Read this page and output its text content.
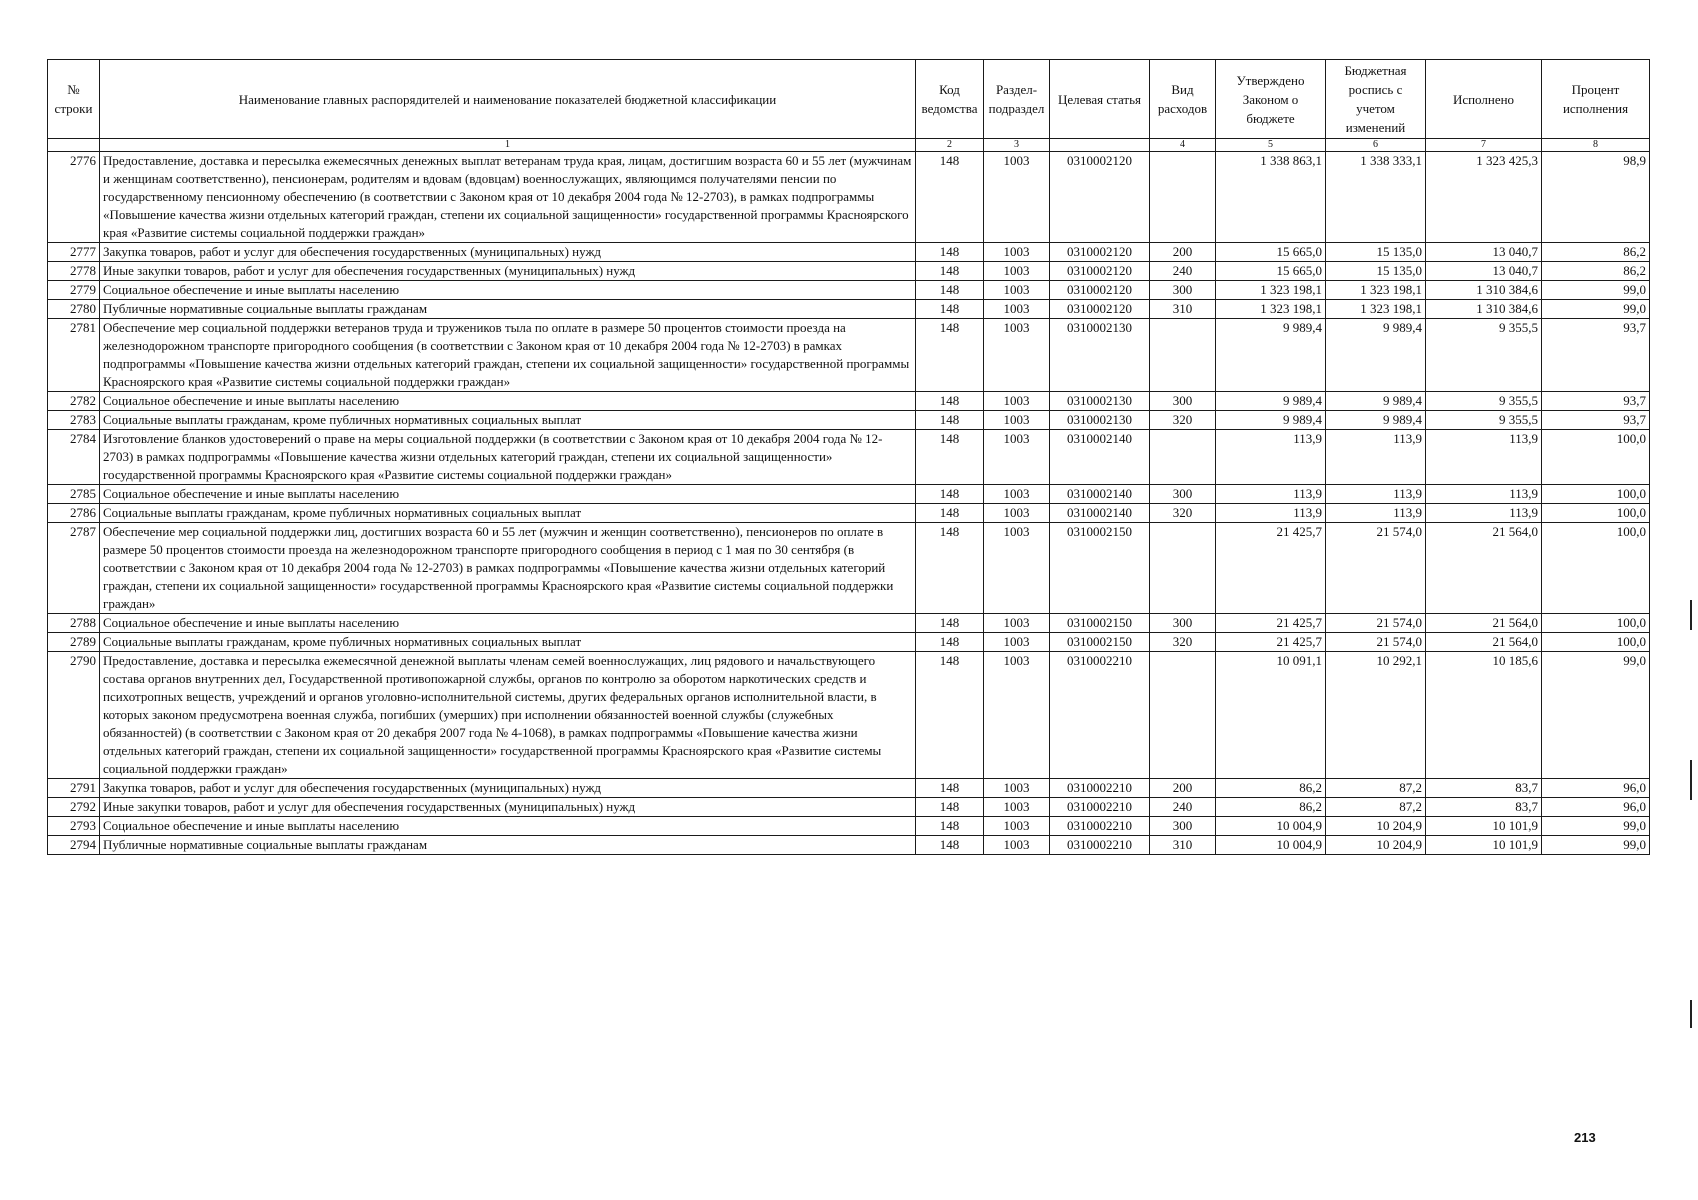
№ строки	Наименование главных распорядителей и наименование показателей бюджетной классификации	Код ведомства	Раздел-подраздел	Целевая статья	Вид расходов	Утверждено Законом о бюджете	Бюджетная роспись с учетом изменений	Исполнено	Процент исполнения
	1	2	3		4	5	6	7	8
2776	Предоставление, доставка и пересылка ежемесячных денежных выплат ветеранам труда края, лицам, достигшим возраста 60 и 55 лет (мужчинам и женщинам соответственно), пенсионерам, родителям и вдовам (вдовцам) военнослужащих, являющимся получателями пенсии по государственному пенсионному обеспечению (в соответствии с Законом края от 10 декабря 2004 года № 12-2703), в рамках подпрограммы «Повышение качества жизни отдельных категорий граждан, степени их социальной защищенности» государственной программы Красноярского края «Развитие системы социальной поддержки граждан»	148	1003	0310002120		1 338 863,1	1 338 333,1	1 323 425,3	98,9
2777	Закупка товаров, работ и услуг для обеспечения государственных (муниципальных) нужд	148	1003	0310002120	200	15 665,0	15 135,0	13 040,7	86,2
2778	Иные закупки товаров, работ и услуг для обеспечения государственных (муниципальных) нужд	148	1003	0310002120	240	15 665,0	15 135,0	13 040,7	86,2
2779	Социальное обеспечение и иные выплаты населению	148	1003	0310002120	300	1 323 198,1	1 323 198,1	1 310 384,6	99,0
2780	Публичные нормативные социальные выплаты гражданам	148	1003	0310002120	310	1 323 198,1	1 323 198,1	1 310 384,6	99,0
2781	Обеспечение мер социальной поддержки ветеранов труда и тружеников тыла по оплате в размере 50 процентов стоимости проезда на железнодорожном транспорте пригородного сообщения (в соответствии с Законом края от 10 декабря 2004 года № 12-2703) в рамках подпрограммы «Повышение качества жизни отдельных категорий граждан, степени их социальной защищенности» государственной программы Красноярского края «Развитие системы социальной поддержки граждан»	148	1003	0310002130		9 989,4	9 989,4	9 355,5	93,7
2782	Социальное обеспечение и иные выплаты населению	148	1003	0310002130	300	9 989,4	9 989,4	9 355,5	93,7
2783	Социальные выплаты гражданам, кроме публичных нормативных социальных выплат	148	1003	0310002130	320	9 989,4	9 989,4	9 355,5	93,7
2784	Изготовление бланков удостоверений о праве на меры социальной поддержки (в соответствии с Законом края от 10 декабря 2004 года № 12-2703) в рамках подпрограммы «Повышение качества жизни отдельных категорий граждан, степени их социальной защищенности» государственной программы Красноярского края «Развитие системы социальной поддержки граждан»	148	1003	0310002140		113,9	113,9	113,9	100,0
2785	Социальное обеспечение и иные выплаты населению	148	1003	0310002140	300	113,9	113,9	113,9	100,0
2786	Социальные выплаты гражданам, кроме публичных нормативных социальных выплат	148	1003	0310002140	320	113,9	113,9	113,9	100,0
2787	Обеспечение мер социальной поддержки лиц, достигших возраста 60 и 55 лет (мужчин и женщин соответственно), пенсионеров по оплате в размере 50 процентов стоимости проезда на железнодорожном транспорте пригородного сообщения в период с 1 мая по 30 сентября (в соответствии с Законом края от 10 декабря 2004 года № 12-2703) в рамках подпрограммы «Повышение качества жизни отдельных категорий граждан, степени их социальной защищенности» государственной программы Красноярского края «Развитие системы социальной поддержки граждан»	148	1003	0310002150		21 425,7	21 574,0	21 564,0	100,0
2788	Социальное обеспечение и иные выплаты населению	148	1003	0310002150	300	21 425,7	21 574,0	21 564,0	100,0
2789	Социальные выплаты гражданам, кроме публичных нормативных социальных выплат	148	1003	0310002150	320	21 425,7	21 574,0	21 564,0	100,0
2790	Предоставление, доставка и пересылка ежемесячной денежной выплаты членам семей военнослужащих, лиц рядового и начальствующего состава органов внутренних дел, Государственной противопожарной службы, органов по контролю за оборотом наркотических средств и психотропных веществ, учреждений и органов уголовно-исполнительной системы, других федеральных органов исполнительной власти, в которых законом предусмотрена военная служба, погибших (умерших) при исполнении обязанностей военной службы (служебных обязанностей) (в соответствии с Законом края от 20 декабря 2007 года № 4-1068), в рамках подпрограммы «Повышение качества жизни отдельных категорий граждан, степени их социальной защищенности» государственной программы Красноярского края «Развитие системы социальной поддержки граждан»	148	1003	0310002210		10 091,1	10 292,1	10 185,6	99,0
2791	Закупка товаров, работ и услуг для обеспечения государственных (муниципальных) нужд	148	1003	0310002210	200	86,2	87,2	83,7	96,0
2792	Иные закупки товаров, работ и услуг для обеспечения государственных (муниципальных) нужд	148	1003	0310002210	240	86,2	87,2	83,7	96,0
2793	Социальное обеспечение и иные выплаты населению	148	1003	0310002210	300	10 004,9	10 204,9	10 101,9	99,0
2794	Публичные нормативные социальные выплаты гражданам	148	1003	0310002210	310	10 004,9	10 204,9	10 101,9	99,0
213
